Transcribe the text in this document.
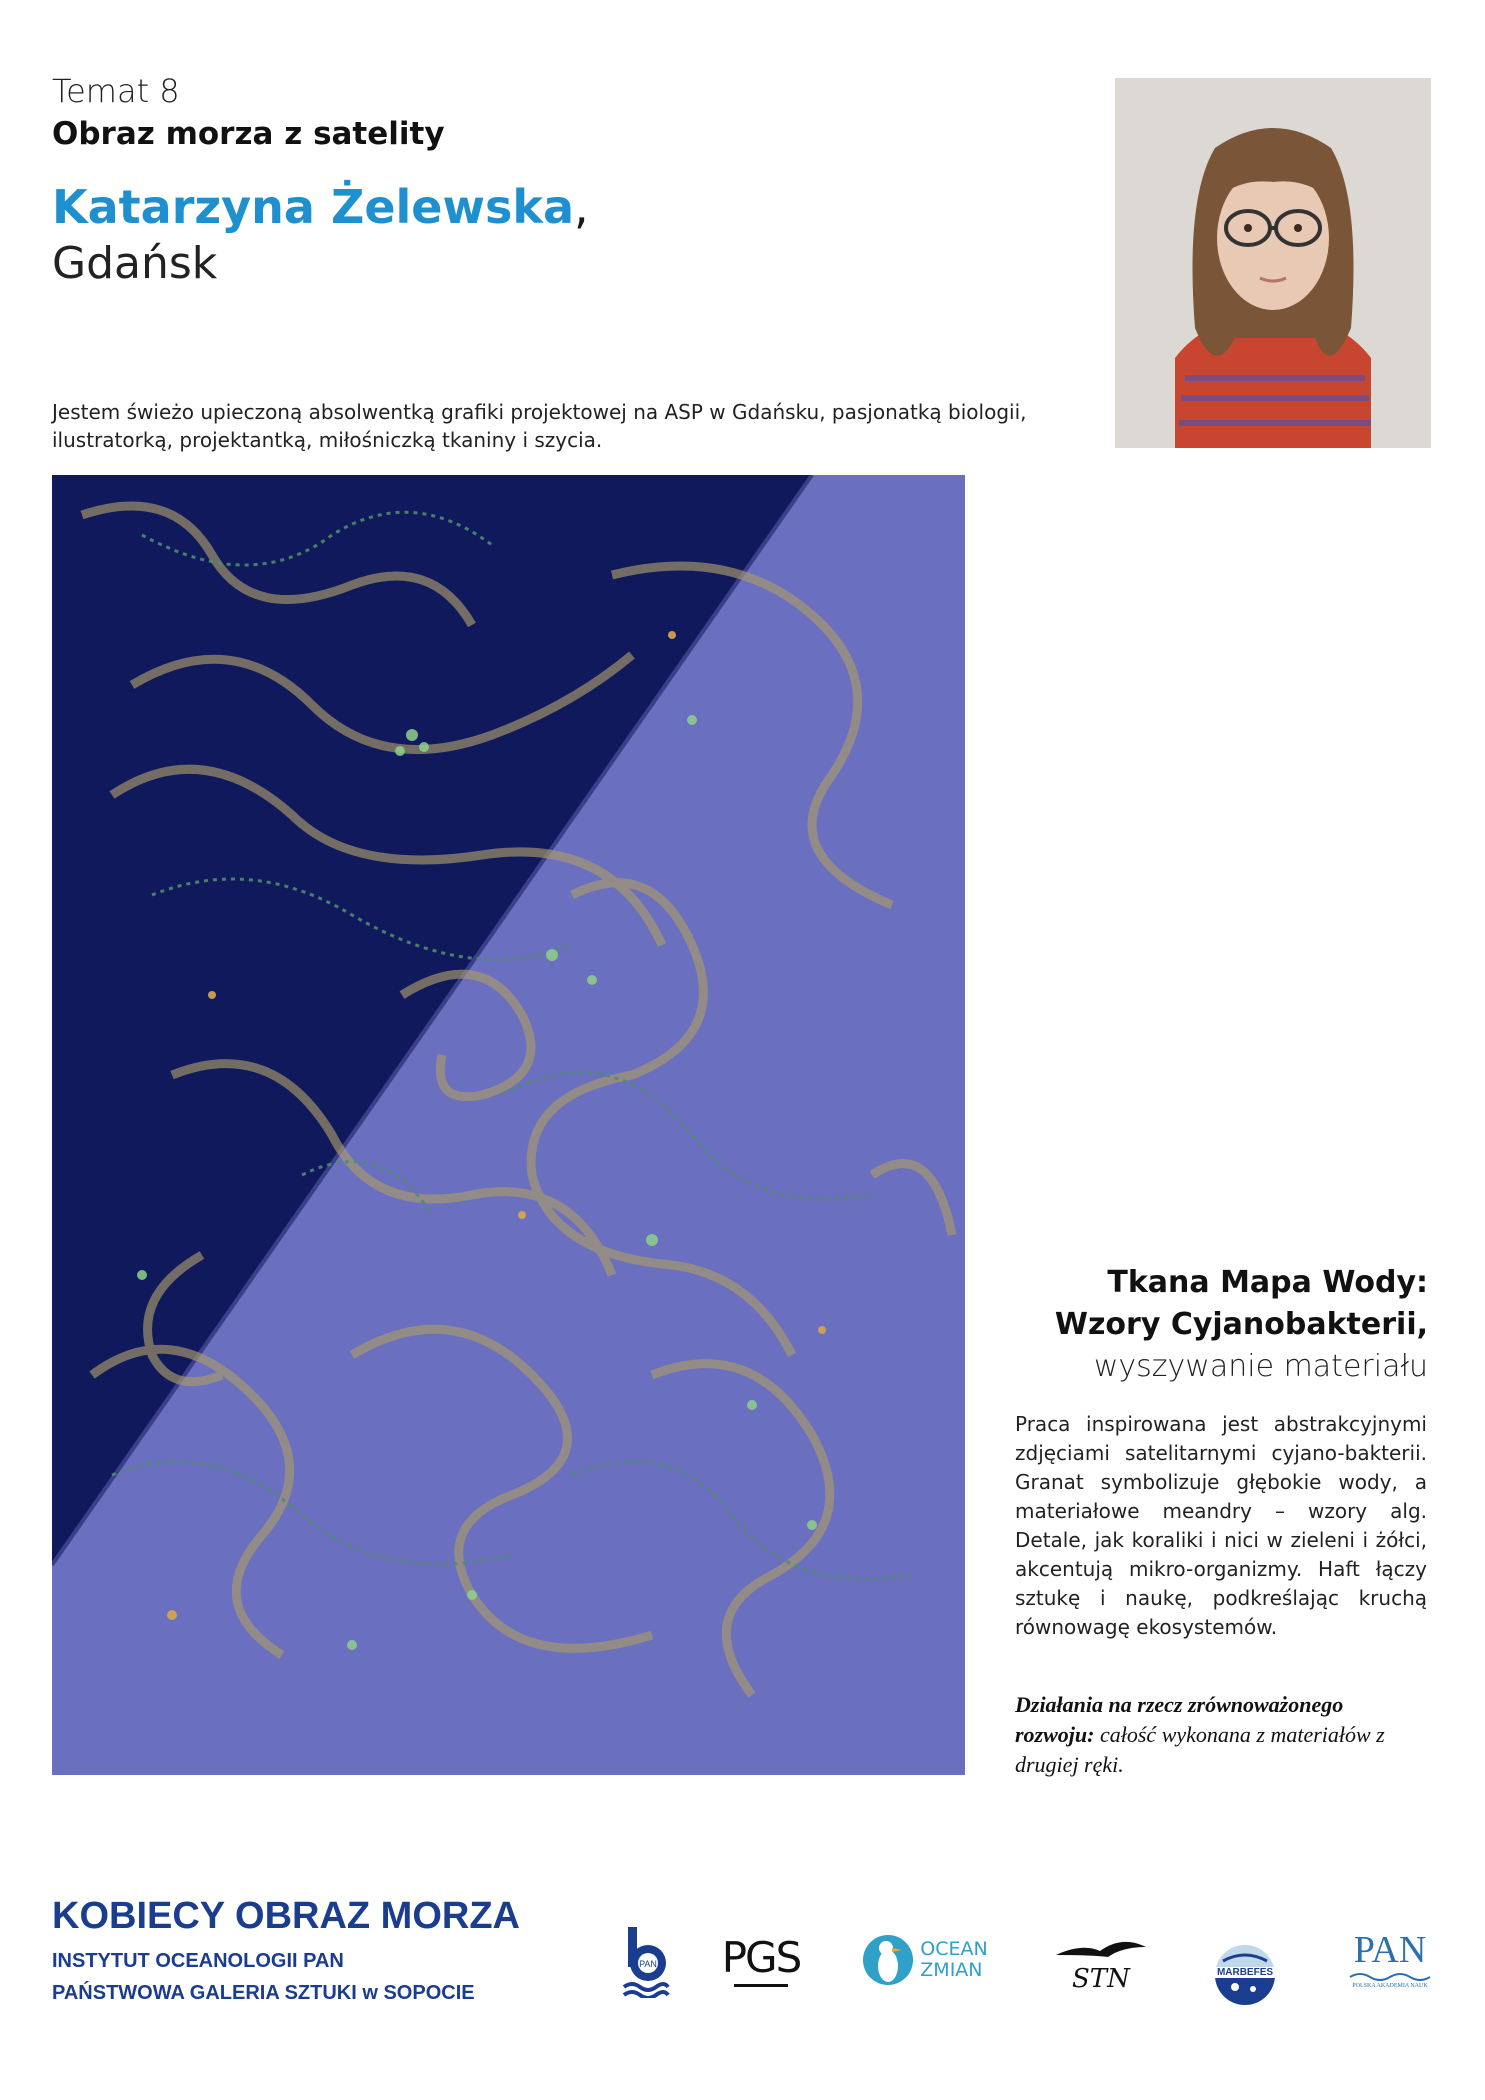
Temat 8
Obraz morza z satelity
Katarzyna Żelewska,
Gdańsk
Jestem świeżo upieczoną absolwentką grafiki projektowej na ASP w Gdańsku, pasjonatką biologii, ilustratorką, projektantką, miłośniczką tkaniny i szycia.
Tkana Mapa Wody:
Wzory Cyjanobakterii,
wyszywanie materiału
Praca inspirowana jest abstrakcyjnymi zdjęciami satelitarnymi cyjano-bakterii. Granat symbolizuje głębokie wody, a materiałowe meandry – wzory alg. Detale, jak koraliki i nici w zieleni i żółci, akcentują mikro-organizmy. Haft łączy sztukę i naukę, podkreślając kruchą równowagę ekosystemów.
Działania na rzecz zrównoważonego rozwoju: całość wykonana z materiałów z drugiej ręki.
KOBIECY OBRAZ MORZA
INSTYTUT OCEANOLOGII PAN
PAŃSTWOWA GALERIA SZTUKI w SOPOCIE
PAN PGS	OCEAN
ZMIAN	STN	MARBEFES
PAN
POLSKA AKADEMIA NAUK
